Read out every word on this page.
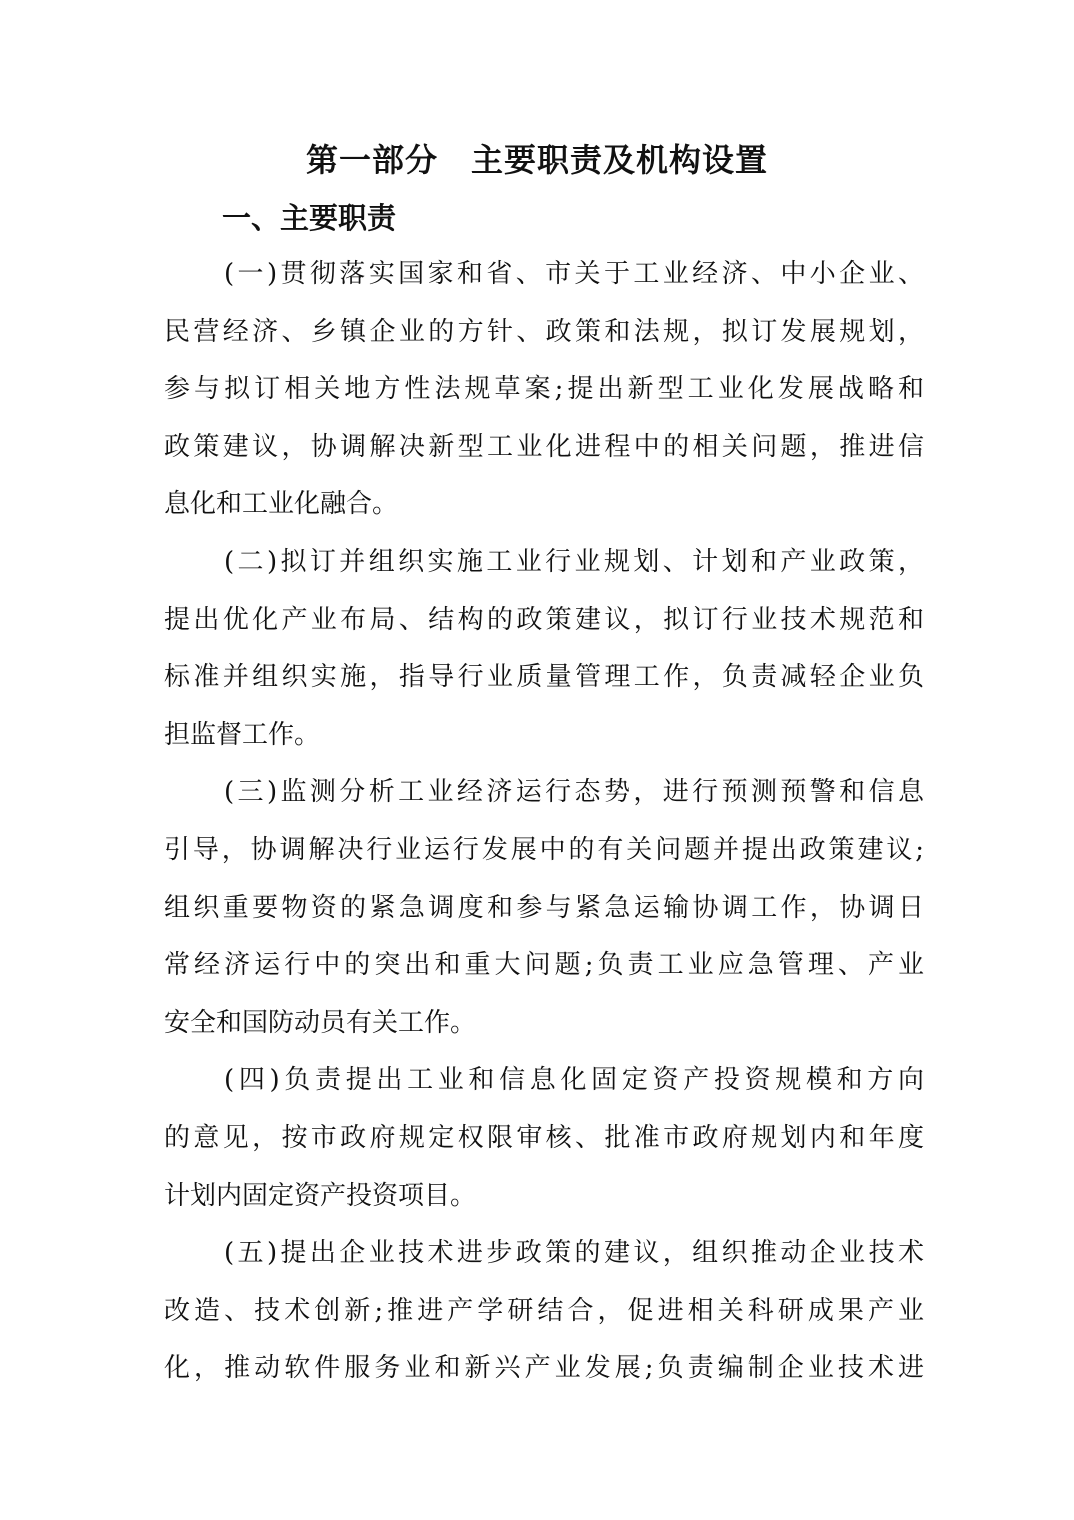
第一部分　主要职责及机构设置
一、主要职责
(一)贯彻落实国家和省、市关于工业经济、中小企业、
民营经济、乡镇企业的方针、政策和法规，拟订发展规划，
参与拟订相关地方性法规草案;提出新型工业化发展战略和
政策建议，协调解决新型工业化进程中的相关问题，推进信
息化和工业化融合。
(二)拟订并组织实施工业行业规划、计划和产业政策，
提出优化产业布局、结构的政策建议，拟订行业技术规范和
标准并组织实施，指导行业质量管理工作，负责减轻企业负
担监督工作。
(三)监测分析工业经济运行态势，进行预测预警和信息
引导，协调解决行业运行发展中的有关问题并提出政策建议;
组织重要物资的紧急调度和参与紧急运输协调工作，协调日
常经济运行中的突出和重大问题;负责工业应急管理、产业
安全和国防动员有关工作。
(四)负责提出工业和信息化固定资产投资规模和方向
的意见，按市政府规定权限审核、批准市政府规划内和年度
计划内固定资产投资项目。
(五)提出企业技术进步政策的建议，组织推动企业技术
改造、技术创新;推进产学研结合，促进相关科研成果产业
化，推动软件服务业和新兴产业发展;负责编制企业技术进
